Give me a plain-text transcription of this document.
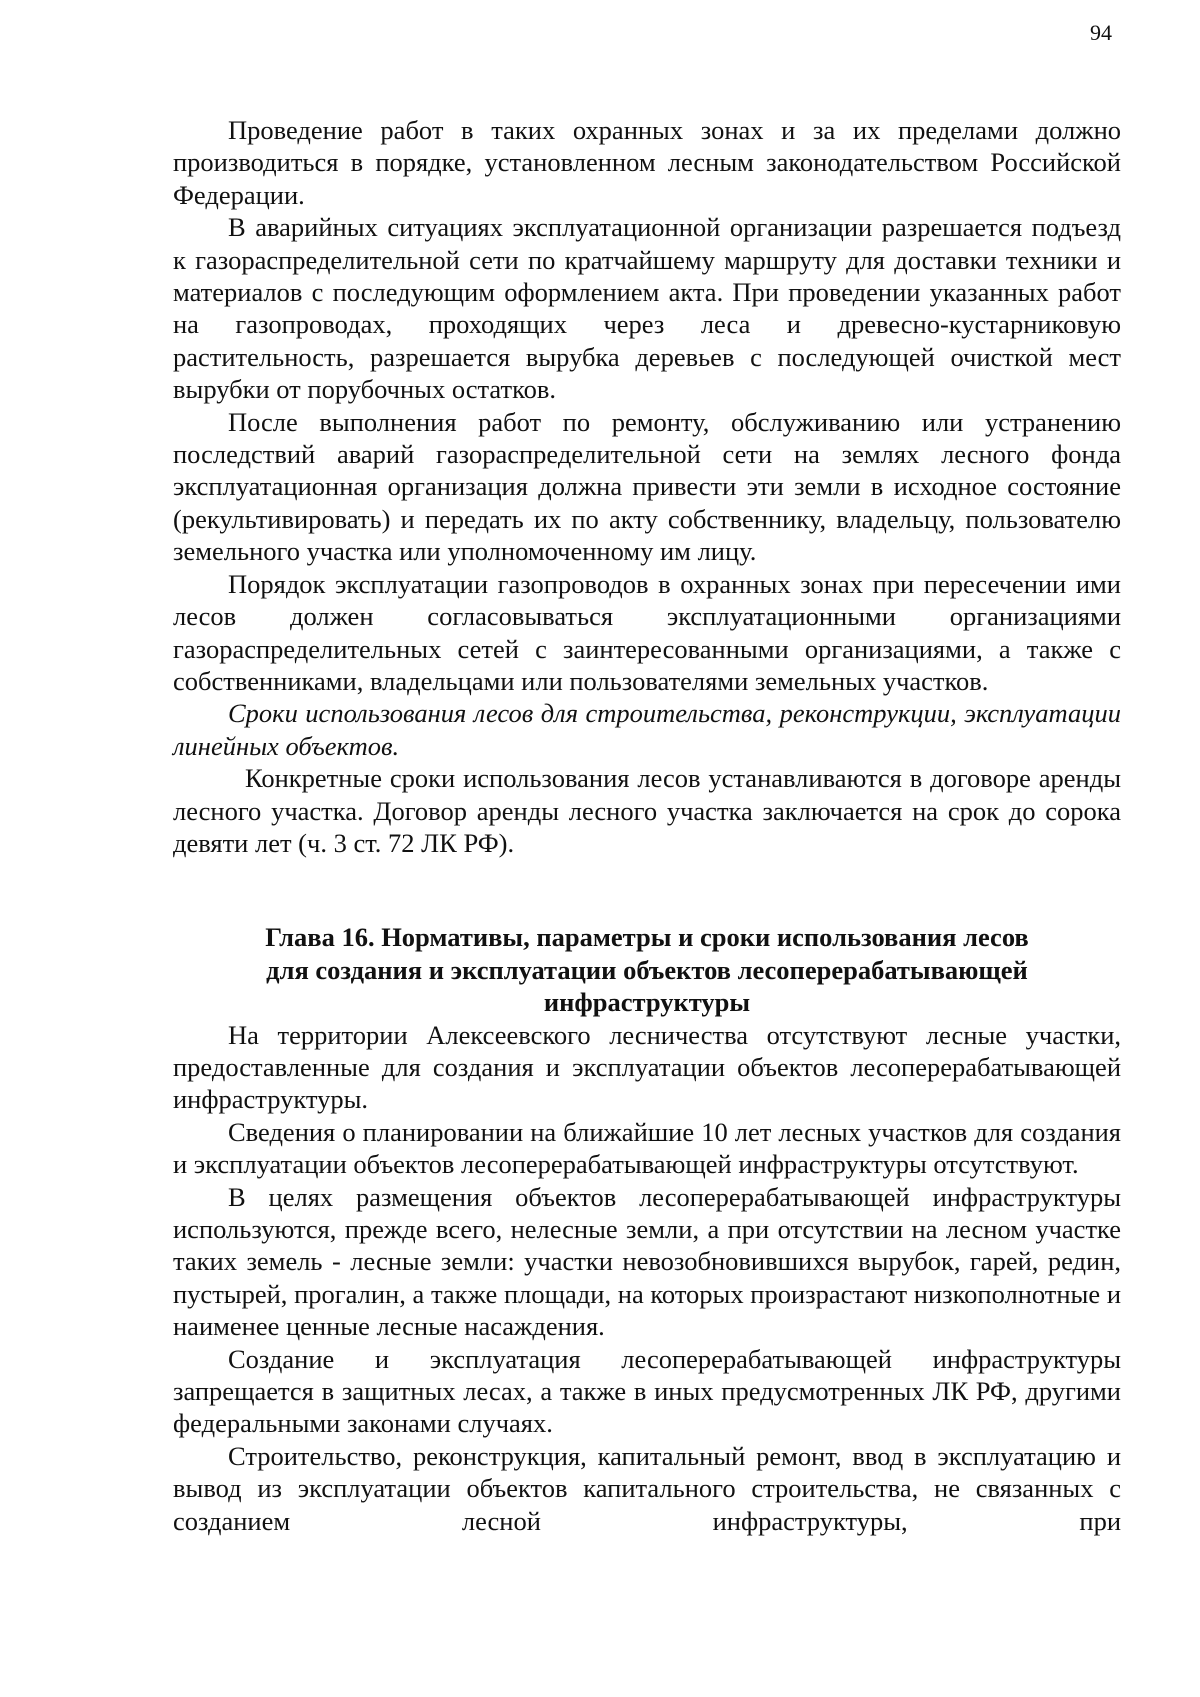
94

Проведение работ в таких охранных зонах и за их пределами должно производиться в порядке, установленном лесным законодательством Российской Федерации.

В аварийных ситуациях эксплуатационной организации разрешается подъезд к газораспределительной сети по кратчайшему маршруту для доставки техники и материалов с последующим оформлением акта. При проведении указанных работ на газопроводах, проходящих через леса и древесно-кустарниковую растительность, разрешается вырубка деревьев с последующей очисткой мест вырубки от порубочных остатков.

После выполнения работ по ремонту, обслуживанию или устранению последствий аварий газораспределительной сети на землях лесного фонда эксплуатационная организация должна привести эти земли в исходное состояние (рекультивировать) и передать их по акту собственнику, владельцу, пользователю земельного участка или уполномоченному им лицу.

Порядок эксплуатации газопроводов в охранных зонах при пересечении ими лесов должен согласовываться эксплуатационными организациями газораспределительных сетей с заинтересованными организациями, а также с собственниками, владельцами или пользователями земельных участков.

Сроки использования лесов для строительства, реконструкции, эксплуатации линейных объектов.

Конкретные сроки использования лесов устанавливаются в договоре аренды лесного участка. Договор аренды лесного участка заключается на срок до сорока девяти лет (ч. 3 ст. 72 ЛК РФ).

Глава 16. Нормативы, параметры и сроки использования лесов
для создания и эксплуатации объектов лесоперерабатывающей
инфраструктуры

На территории Алексеевского лесничества отсутствуют лесные участки, предоставленные для создания и эксплуатации объектов лесоперерабатывающей инфраструктуры.

Сведения о планировании на ближайшие 10 лет лесных участков для создания и эксплуатации объектов лесоперерабатывающей инфраструктуры отсутствуют.

В целях размещения объектов лесоперерабатывающей инфраструктуры используются, прежде всего, нелесные земли, а при отсутствии на лесном участке таких земель - лесные земли: участки невозобновившихся вырубок, гарей, редин, пустырей, прогалин, а также площади, на которых произрастают низкополнотные и наименее ценные лесные насаждения.

Создание и эксплуатация лесоперерабатывающей инфраструктуры запрещается в защитных лесах, а также в иных предусмотренных ЛК РФ, другими федеральными законами случаях.

Строительство, реконструкция, капитальный ремонт, ввод в эксплуатацию и вывод из эксплуатации объектов капитального строительства, не связанных с созданием лесной инфраструктуры, при
